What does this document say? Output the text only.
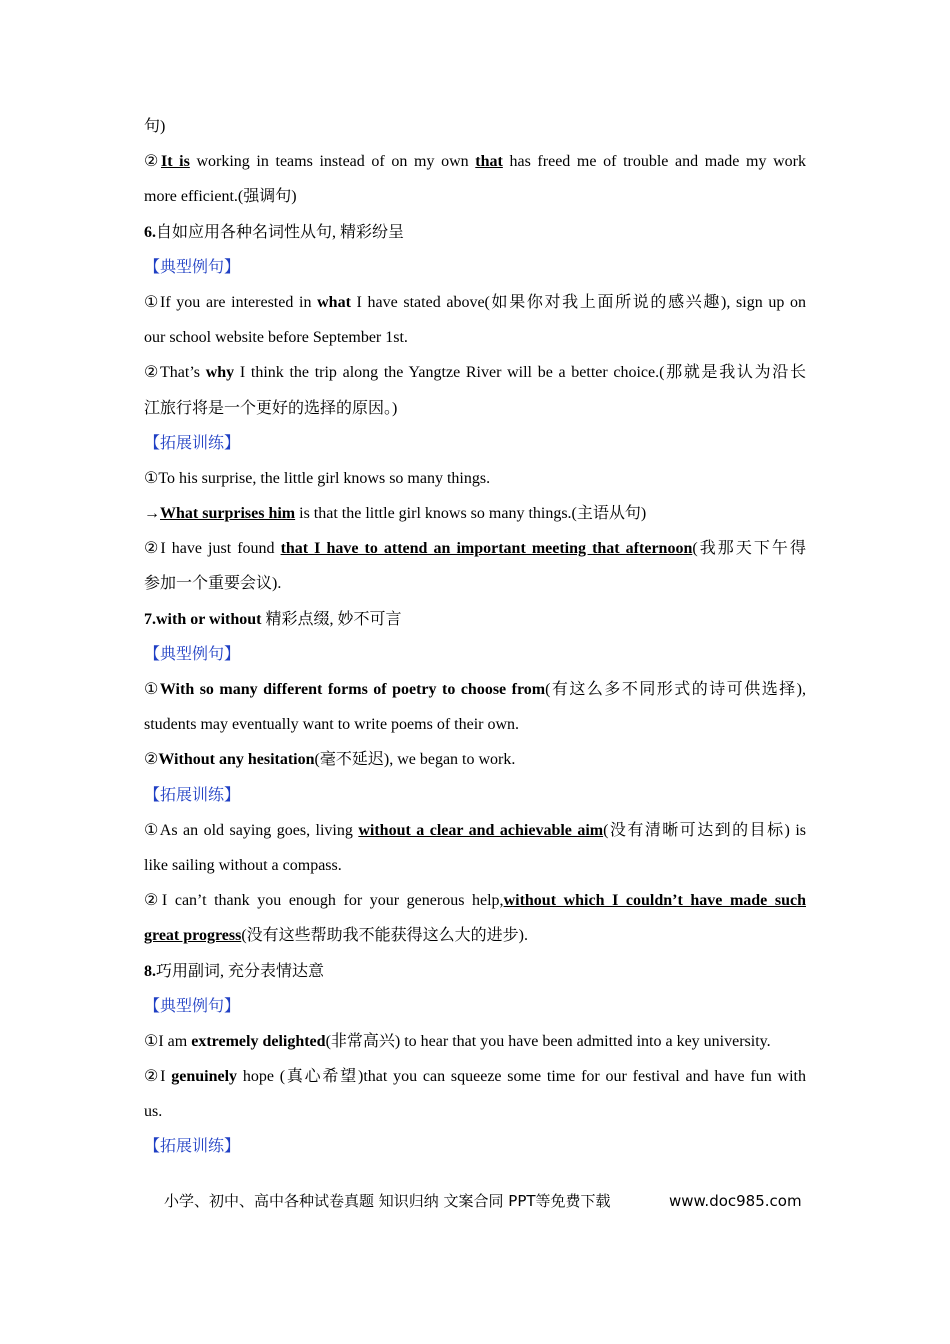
句)
②It is working in teams instead of on my own that has freed me of trouble and made my work
more efficient.(强调句)
6.自如应用各种名词性从句, 精彩纷呈
【典型例句】
①If you are interested in what I have stated above(如果你对我上面所说的感兴趣), sign up on
our school website before September 1st.
②That’s why I think the trip along the Yangtze River will be a better choice.(那就是我认为沿长
江旅行将是一个更好的选择的原因。)
【拓展训练】
①To his surprise, the little girl knows so many things.
→What surprises him is that the little girl knows so many things.(主语从句)
②I have just found that I have to attend an important meeting that afternoon(我那天下午得
参加一个重要会议).
7.with or without 精彩点缀, 妙不可言
【典型例句】
①With so many different forms of poetry to choose from(有这么多不同形式的诗可供选择),
students may eventually want to write poems of their own.
②Without any hesitation(毫不延迟), we began to work.
【拓展训练】
①As an old saying goes, living without a clear and achievable aim(没有清晰可达到的目标) is
like sailing without a compass.
②I can’t thank you enough for your generous help,without which I couldn’t have made such
great progress(没有这些帮助我不能获得这么大的进步).
8.巧用副词, 充分表情达意
【典型例句】
①I am extremely delighted(非常高兴) to hear that you have been admitted into a key university.
②I genuinely hope (真心希望)that you can squeeze some time for our festival and have fun with
us.
【拓展训练】
小学、初中、高中各种试卷真题 知识归纳 文案合同 PPT等免费下载	www.doc985.com
